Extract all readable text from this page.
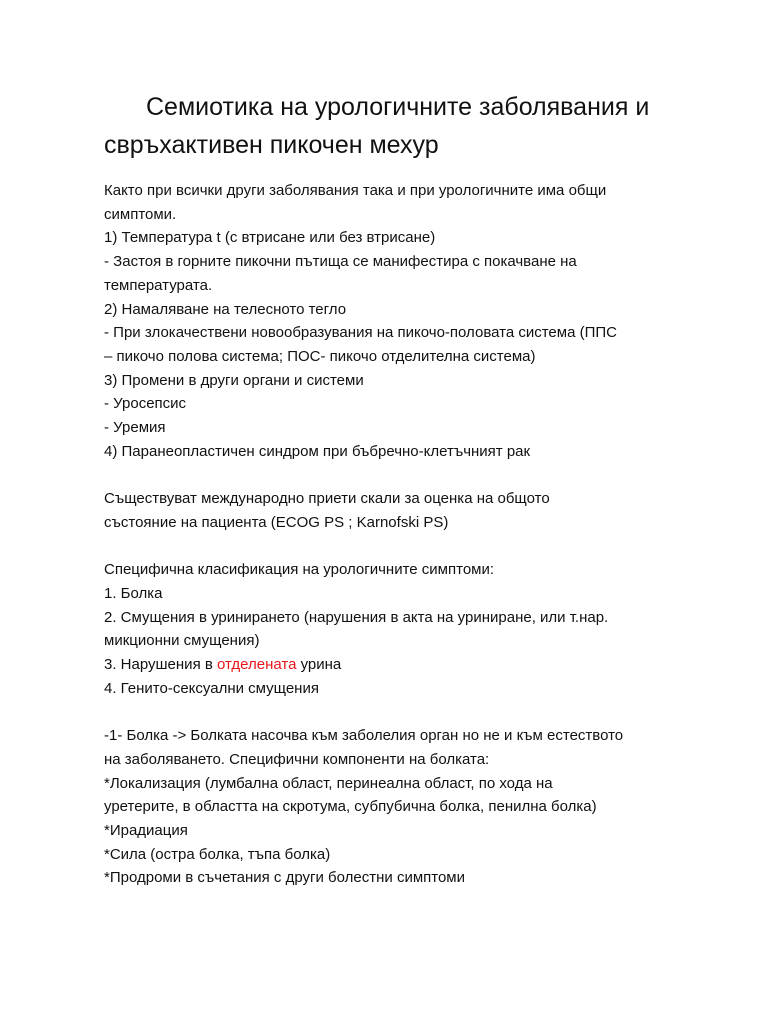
Семиотика на урологичните заболявания и
свръхактивен пикочен мехур
Както при всички други заболявания така и при урологичните има общи
симптоми.
1) Температура t (с втрисане или без втрисане)
- Застоя в горните пикочни пътища се манифестира с покачване на
температурата.
2) Намаляване на телесното тегло
- При злокачествени новообразувания на пикочо-половата система (ППС
– пикочо полова система; ПОС- пикочо отделителна система)
3) Промени в други органи и системи
- Уросепсис
- Уремия
4) Паранеопластичен синдром при бъбречно-клетъчният рак
Съществуват международно приети скали за оценка на общото
състояние на пациента (ECOG PS ; Karnofski PS)
Специфична класификация на урологичните симптоми:
1. Болка
2. Смущения в уринирането (нарушения в акта на уриниране, или т.нар.
микционни смущения)
3. Нарушения в отделената урина
4. Генито-сексуални смущения
-1- Болка -> Болката насочва към заболелия орган но не и към естеството
на заболяването. Специфични компоненти на болката:
*Локализация (лумбална област, перинеална област, по хода на
уретерите, в областта на скротума, субпубична болка, пенилна болка)
*Ирадиация
*Сила (остра болка, тъпа болка)
*Продроми в съчетания с други болестни симптоми
